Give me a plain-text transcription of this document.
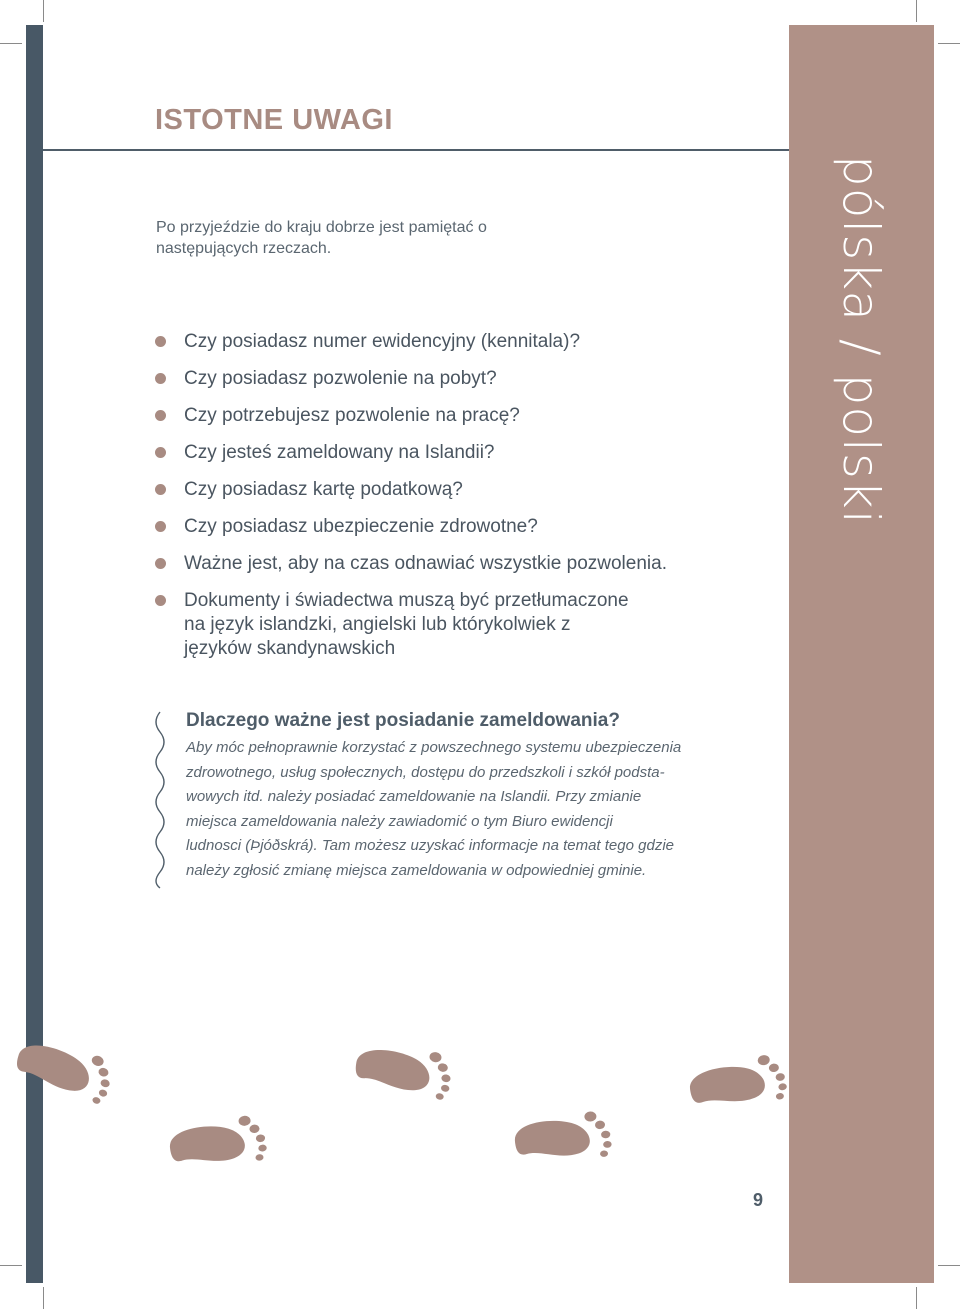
ISTOTNE UWAGI

Po przyjeździe do kraju dobrze jest pamiętać o
następujących rzeczach.

Czy posiadasz numer ewidencyjny (kennitala)?
Czy posiadasz pozwolenie na pobyt?
Czy potrzebujesz pozwolenie na pracę?
Czy jesteś zameldowany na Islandii?
Czy posiadasz kartę podatkową?
Czy posiadasz ubezpieczenie zdrowotne?
Ważne jest, aby na czas odnawiać wszystkie pozwolenia.
Dokumenty i świadectwa muszą być przetłumaczone
na język islandzki, angielski lub którykolwiek z
języków skandynawskich
Dlaczego ważne jest posiadanie zameldowania?
Aby móc pełnoprawnie korzystać z powszechnego systemu ubezpieczenia
zdrowotnego, usług społecznych, dostępu do przedszkoli i szkół podsta-
wowych itd. należy posiadać zameldowanie na Islandii. Przy zmianie
miejsca zameldowania należy zawiadomić o tym Biuro ewidencji
ludnosci (Þjóðskrá). Tam możesz uzyskać informacje na temat tego gdzie
należy zgłosić zmianę miejsca zameldowania w odpowiedniej gminie.
pólska / polski
9
